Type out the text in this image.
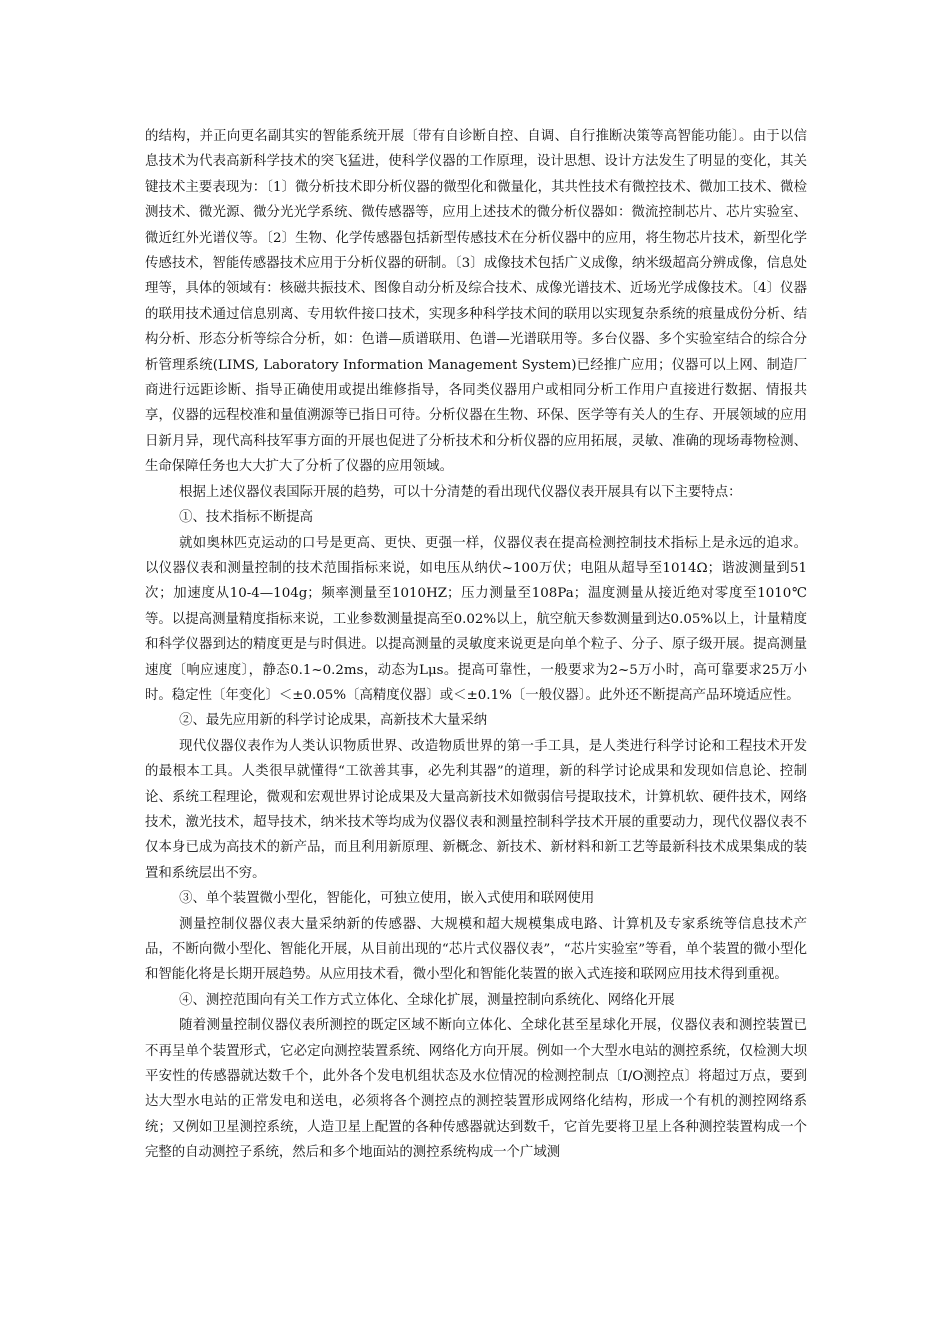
的结构，并正向更名副其实的智能系统开展〔带有自诊断自控、自调、自行推断决策等高智能功能〕。由于以信息技术为代表高新科学技术的突飞猛进，使科学仪器的工作原理，设计思想、设计方法发生了明显的变化，其关键技术主要表现为：〔1〕微分析技术即分析仪器的微型化和微量化，其共性技术有微控技术、微加工技术、微检测技术、微光源、微分光光学系统、微传感器等，应用上述技术的微分析仪器如：微流控制芯片、芯片实验室、微近红外光谱仪等。〔2〕生物、化学传感器包括新型传感技术在分析仪器中的应用，将生物芯片技术，新型化学传感技术，智能传感器技术应用于分析仪器的研制。〔3〕成像技术包括广义成像，纳米级超高分辨成像，信息处理等，具体的领域有：核磁共振技术、图像自动分析及综合技术、成像光谱技术、近场光学成像技术。〔4〕仪器的联用技术通过信息别离、专用软件接口技术，实现多种科学技术间的联用以实现复杂系统的痕量成份分析、结构分析、形态分析等综合分析，如：色谱—质谱联用、色谱—光谱联用等。多台仪器、多个实验室结合的综合分析管理系统(LIMS, Laboratory Information Management System)已经推广应用；仪器可以上网、制造厂商进行远距诊断、指导正确使用或提出维修指导，各同类仪器用户或相同分析工作用户直接进行数据、情报共享，仪器的远程校准和量值溯源等已指日可待。分析仪器在生物、环保、医学等有关人的生存、开展领域的应用日新月异，现代高科技军事方面的开展也促进了分析技术和分析仪器的应用拓展，灵敏、准确的现场毒物检测、生命保障任务也大大扩大了分析了仪器的应用领域。

根据上述仪器仪表国际开展的趋势，可以十分清楚的看出现代仪器仪表开展具有以下主要特点：

①、技术指标不断提高

就如奥林匹克运动的口号是更高、更快、更强一样，仪器仪表在提高检测控制技术指标上是永远的追求。以仪器仪表和测量控制的技术范围指标来说，如电压从纳伏~100万伏；电阻从超导至1014Ω；谐波测量到51次；加速度从10-4—104g；频率测量至1010HZ；压力测量至108Pa；温度测量从接近绝对零度至1010℃等。以提高测量精度指标来说，工业参数测量提高至0.02%以上，航空航天参数测量到达0.05%以上，计量精度和科学仪器到达的精度更是与时俱进。以提高测量的灵敏度来说更是向单个粒子、分子、原子级开展。提高测量速度〔响应速度〕，静态0.1~0.2ms，动态为Lμs。提高可靠性，一般要求为2~5万小时，高可靠要求25万小时。稳定性〔年变化〕＜±0.05%〔高精度仪器〕或＜±0.1%〔一般仪器〕。此外还不断提高产品环境适应性。

②、最先应用新的科学讨论成果，高新技术大量采纳

现代仪器仪表作为人类认识物质世界、改造物质世界的第一手工具，是人类进行科学讨论和工程技术开发的最根本工具。人类很早就懂得“工欲善其事，必先利其器”的道理，新的科学讨论成果和发现如信息论、控制论、系统工程理论，微观和宏观世界讨论成果及大量高新技术如微弱信号提取技术，计算机软、硬件技术，网络技术，激光技术，超导技术，纳米技术等均成为仪器仪表和测量控制科学技术开展的重要动力，现代仪器仪表不仅本身已成为高技术的新产品，而且利用新原理、新概念、新技术、新材料和新工艺等最新科技术成果集成的装置和系统层出不穷。

③、单个装置微小型化，智能化，可独立使用，嵌入式使用和联网使用

测量控制仪器仪表大量采纳新的传感器、大规模和超大规模集成电路、计算机及专家系统等信息技术产品，不断向微小型化、智能化开展，从目前出现的“芯片式仪器仪表”，“芯片实验室”等看，单个装置的微小型化和智能化将是长期开展趋势。从应用技术看，微小型化和智能化装置的嵌入式连接和联网应用技术得到重视。

④、测控范围向有关工作方式立体化、全球化扩展，测量控制向系统化、网络化开展

随着测量控制仪器仪表所测控的既定区域不断向立体化、全球化甚至星球化开展，仪器仪表和测控装置已不再呈单个装置形式，它必定向测控装置系统、网络化方向开展。例如一个大型水电站的测控系统，仅检测大坝平安性的传感器就达数千个，此外各个发电机组状态及水位情况的检测控制点〔I/O测控点〕将超过万点，要到达大型水电站的正常发电和送电，必须将各个测控点的测控装置形成网络化结构，形成一个有机的测控网络系统；又例如卫星测控系统，人造卫星上配置的各种传感器就达到数千，它首先要将卫星上各种测控装置构成一个完整的自动测控子系统，然后和多个地面站的测控系统构成一个广域测
